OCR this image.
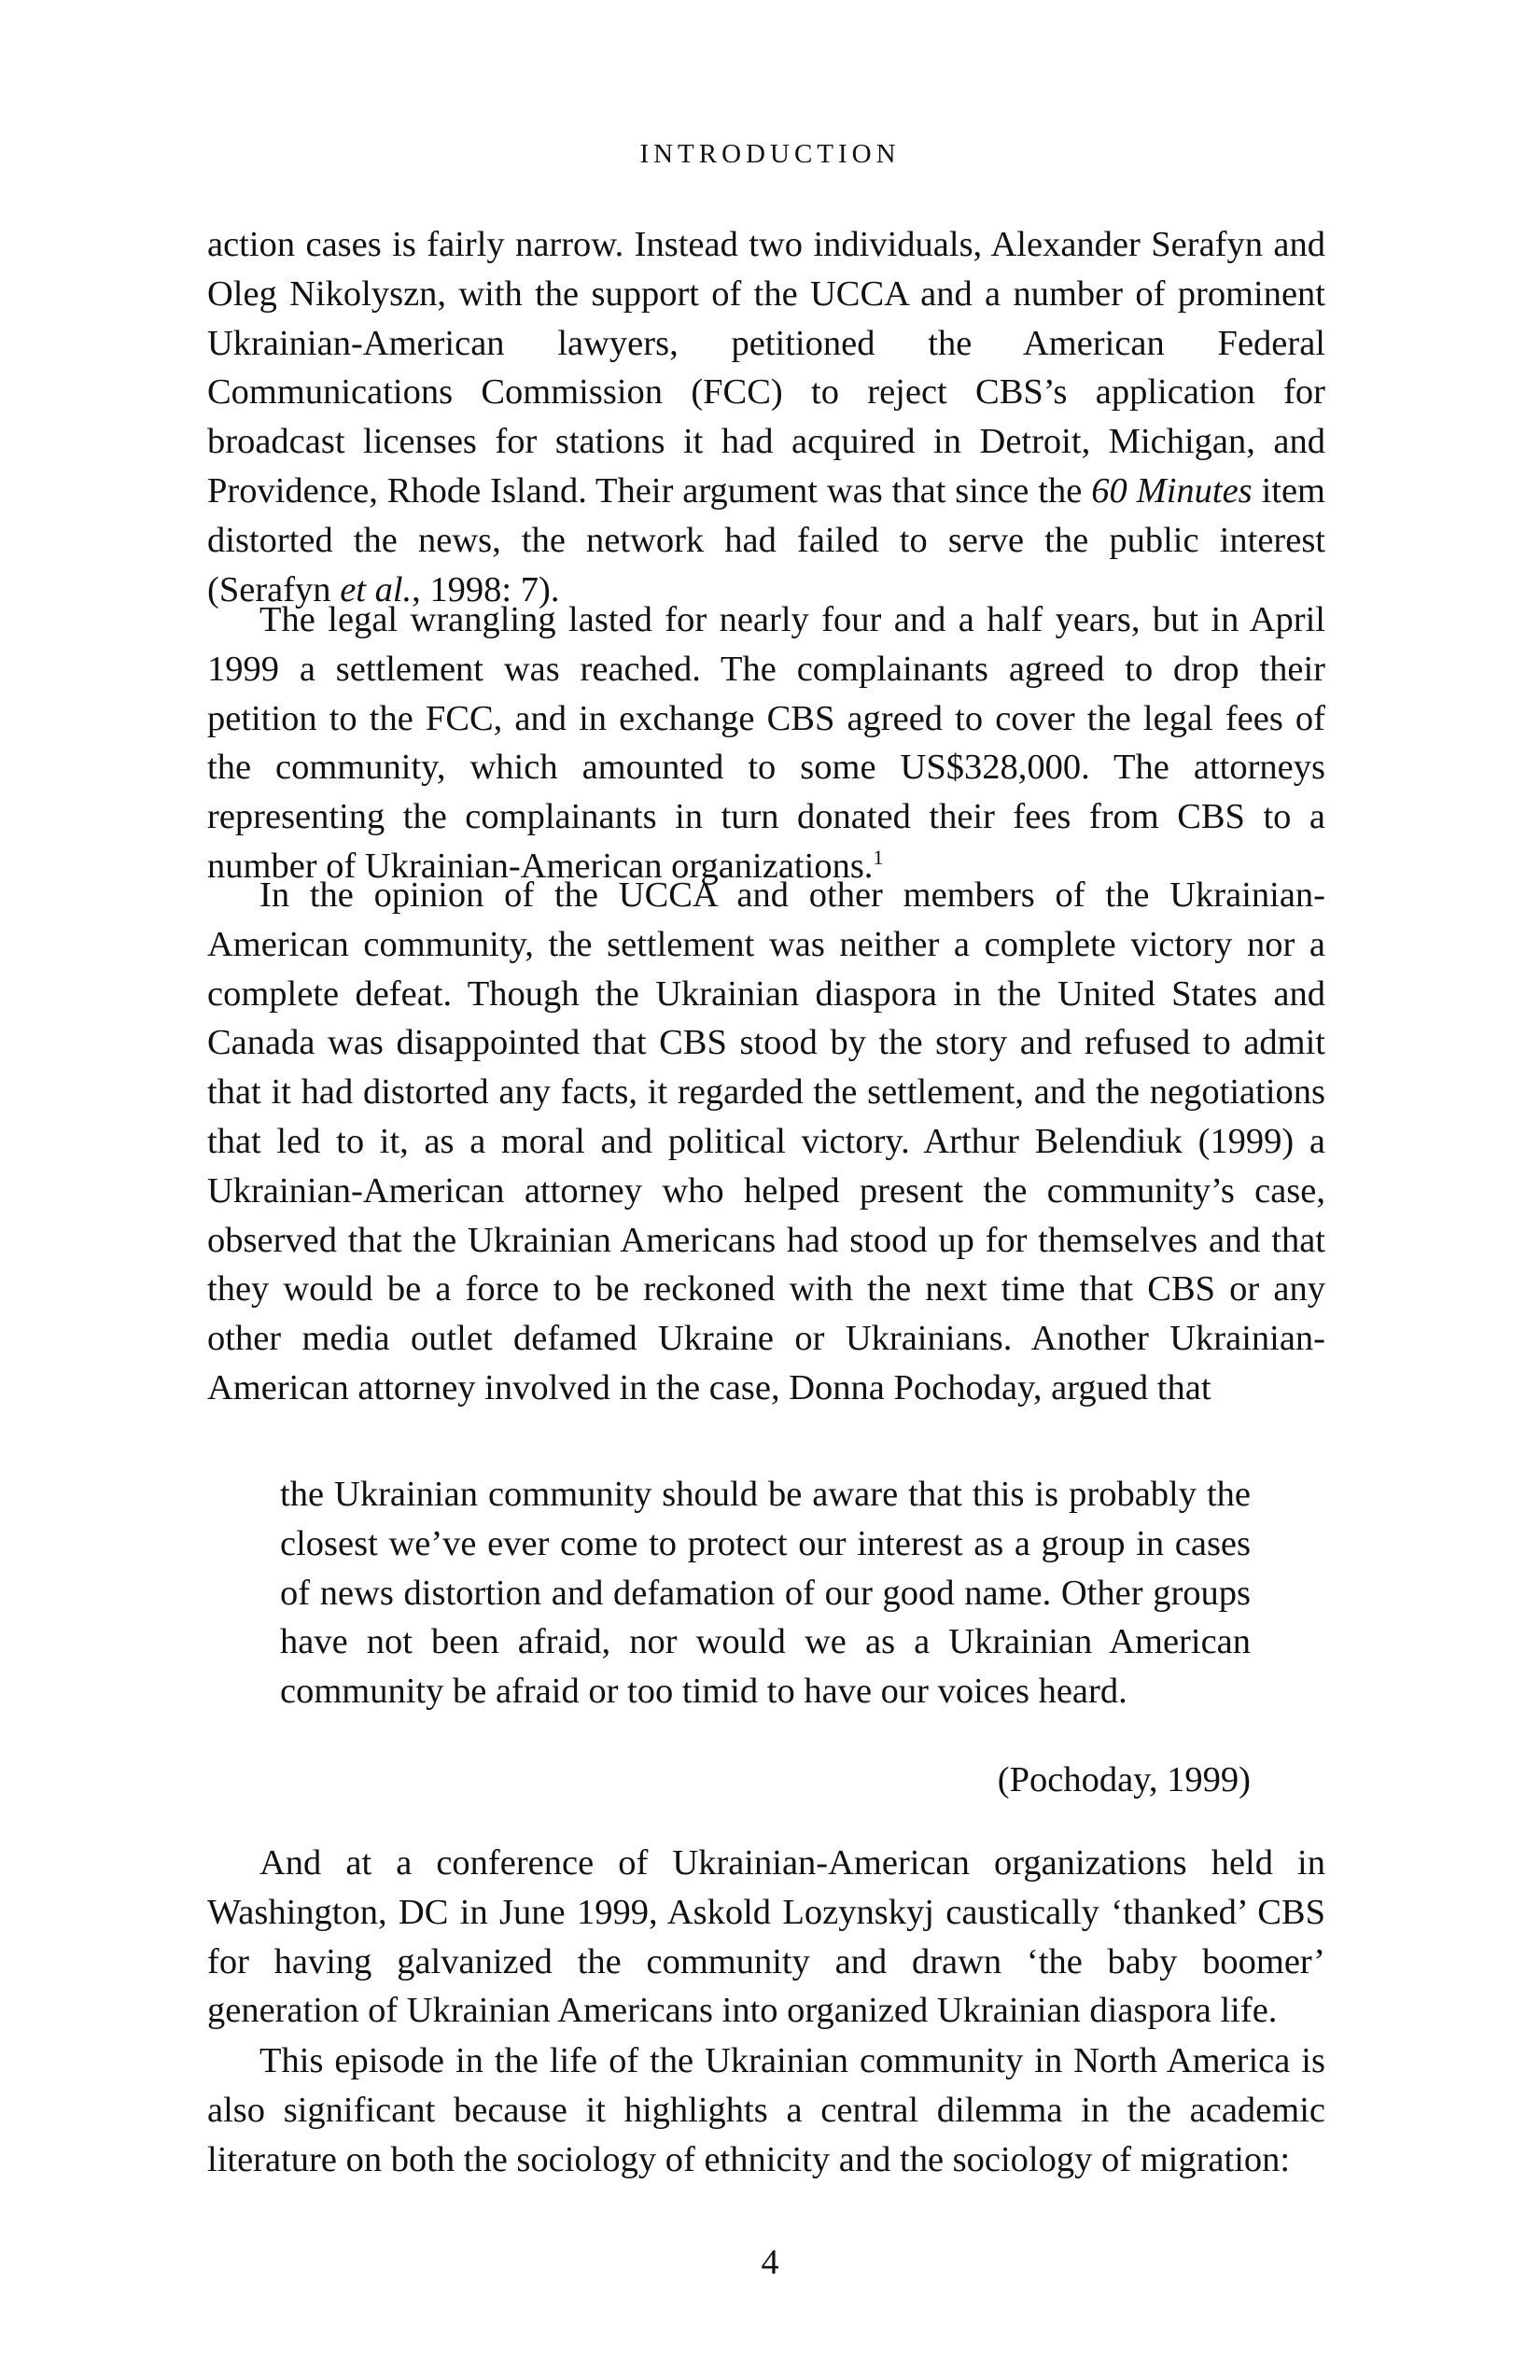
INTRODUCTION

action cases is fairly narrow. Instead two individuals, Alexander Serafyn and Oleg Nikolyszn, with the support of the UCCA and a number of prominent Ukrainian-American lawyers, petitioned the American Federal Communications Commission (FCC) to reject CBS’s application for broadcast licenses for stations it had acquired in Detroit, Michigan, and Providence, Rhode Island. Their argument was that since the 60 Minutes item distorted the news, the network had failed to serve the public interest (Serafyn et al., 1998: 7).

The legal wrangling lasted for nearly four and a half years, but in April 1999 a settlement was reached. The complainants agreed to drop their petition to the FCC, and in exchange CBS agreed to cover the legal fees of the community, which amounted to some US$328,000. The attorneys representing the complainants in turn donated their fees from CBS to a number of Ukrainian-American organizations.$^1$

In the opinion of the UCCA and other members of the Ukrainian-American community, the settlement was neither a complete victory nor a complete defeat. Though the Ukrainian diaspora in the United States and Canada was disappointed that CBS stood by the story and refused to admit that it had distorted any facts, it regarded the settlement, and the negotiations that led to it, as a moral and political victory. Arthur Belendiuk (1999) a Ukrainian-American attorney who helped present the community’s case, observed that the Ukrainian Americans had stood up for themselves and that they would be a force to be reckoned with the next time that CBS or any other media outlet defamed Ukraine or Ukrainians. Another Ukrainian-American attorney involved in the case, Donna Pochoday, argued that

the Ukrainian community should be aware that this is probably the closest we’ve ever come to protect our interest as a group in cases of news distortion and defamation of our good name. Other groups have not been afraid, nor would we as a Ukrainian American community be afraid or too timid to have our voices heard.

(Pochoday, 1999)

And at a conference of Ukrainian-American organizations held in Washington, DC in June 1999, Askold Lozynskyj caustically ‘thanked’ CBS for having galvanized the community and drawn ‘the baby boomer’ generation of Ukrainian Americans into organized Ukrainian diaspora life.

This episode in the life of the Ukrainian community in North America is also significant because it highlights a central dilemma in the academic literature on both the sociology of ethnicity and the sociology of migration:

4
